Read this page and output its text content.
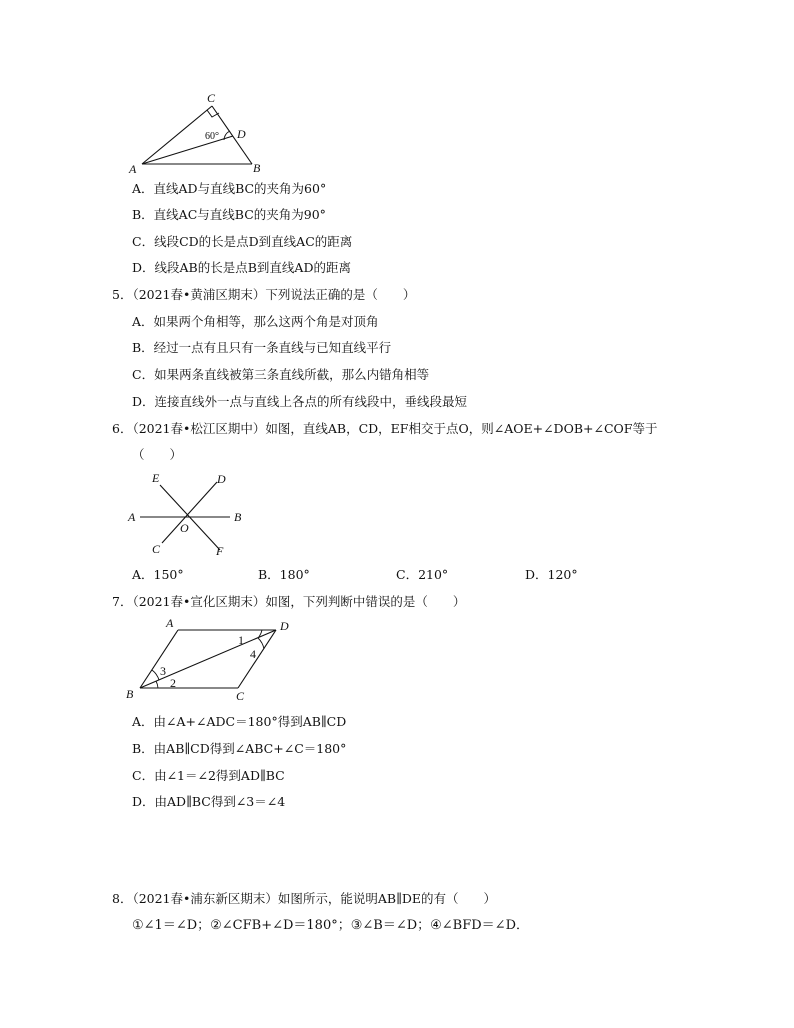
C
D
A	B
60°
A．直线AD与直线BC的夹角为60°
B．直线AC与直线BC的夹角为90°
C．线段CD的长是点D到直线AC的距离
D．线段AB的长是点B到直线AD的距离
5．（2021春•黄浦区期末）下列说法正确的是（　　）
A．如果两个角相等，那么这两个角是对顶角
B．经过一点有且只有一条直线与已知直线平行
C．如果两条直线被第三条直线所截，那么内错角相等
D．连接直线外一点与直线上各点的所有线段中，垂线段最短
6．（2021春•松江区期中）如图，直线AB，CD，EF相交于点O，则∠AOE+∠DOB+∠COF等于
（　　）
E	D
A	B
O
C	F
A．150°	B．180°	C．210°	D．120°
7．（2021春•宣化区期末）如图，下列判断中错误的是（　　）
A	D
B	C
1
2
3
4
A．由∠A+∠ADC＝180°得到AB∥CD
B．由AB∥CD得到∠ABC+∠C＝180°
C．由∠1＝∠2得到AD∥BC
D．由AD∥BC得到∠3＝∠4
8．（2021春•浦东新区期末）如图所示，能说明AB∥DE的有（　　）
①∠1＝∠D；②∠CFB+∠D＝180°；③∠B＝∠D；④∠BFD＝∠D．
